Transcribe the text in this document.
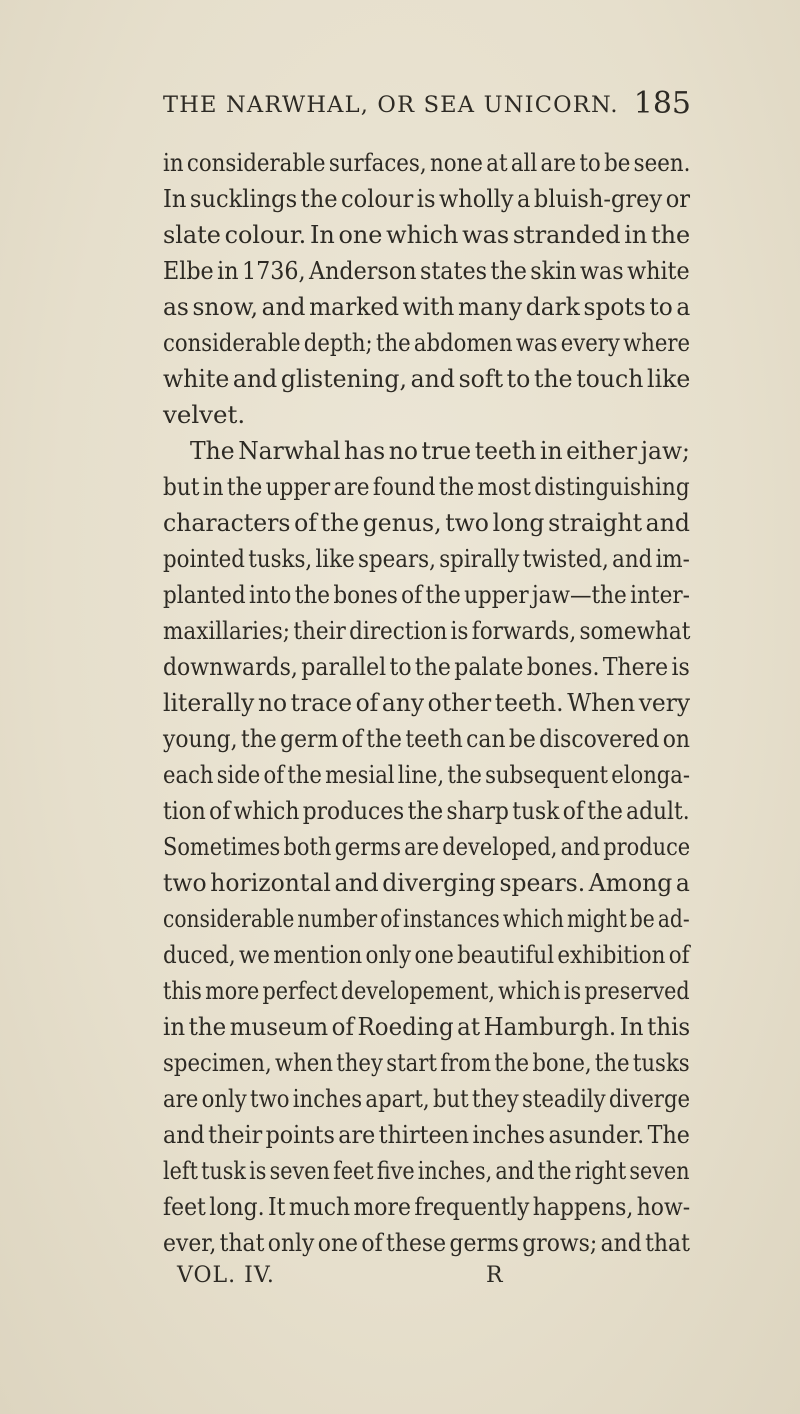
THE NARWHAL, OR SEA UNICORN. 185
in considerable surfaces, none at all are to be seen.
In sucklings the colour is wholly a bluish-grey or
slate colour. In one which was stranded in the
Elbe in 1736, Anderson states the skin was white
as snow, and marked with many dark spots to a
considerable depth; the abdomen was every where
white and glistening, and soft to the touch like
velvet.
The Narwhal has no true teeth in either jaw;
but in the upper are found the most distinguishing
characters of the genus, two long straight and
pointed tusks, like spears, spirally twisted, and im-
planted into the bones of the upper jaw—the inter-
maxillaries; their direction is forwards, somewhat
downwards, parallel to the palate bones. There is
literally no trace of any other teeth. When very
young, the germ of the teeth can be discovered on
each side of the mesial line, the subsequent elonga-
tion of which produces the sharp tusk of the adult.
Sometimes both germs are developed, and produce
two horizontal and diverging spears. Among a
considerable number of instances which might be ad-
duced, we mention only one beautiful exhibition of
this more perfect developement, which is preserved
in the museum of Roeding at Hamburgh. In this
specimen, when they start from the bone, the tusks
are only two inches apart, but they steadily diverge
and their points are thirteen inches asunder. The
left tusk is seven feet five inches, and the right seven
feet long. It much more frequently happens, how-
ever, that only one of these germs grows; and that
VOL. IV.	R
